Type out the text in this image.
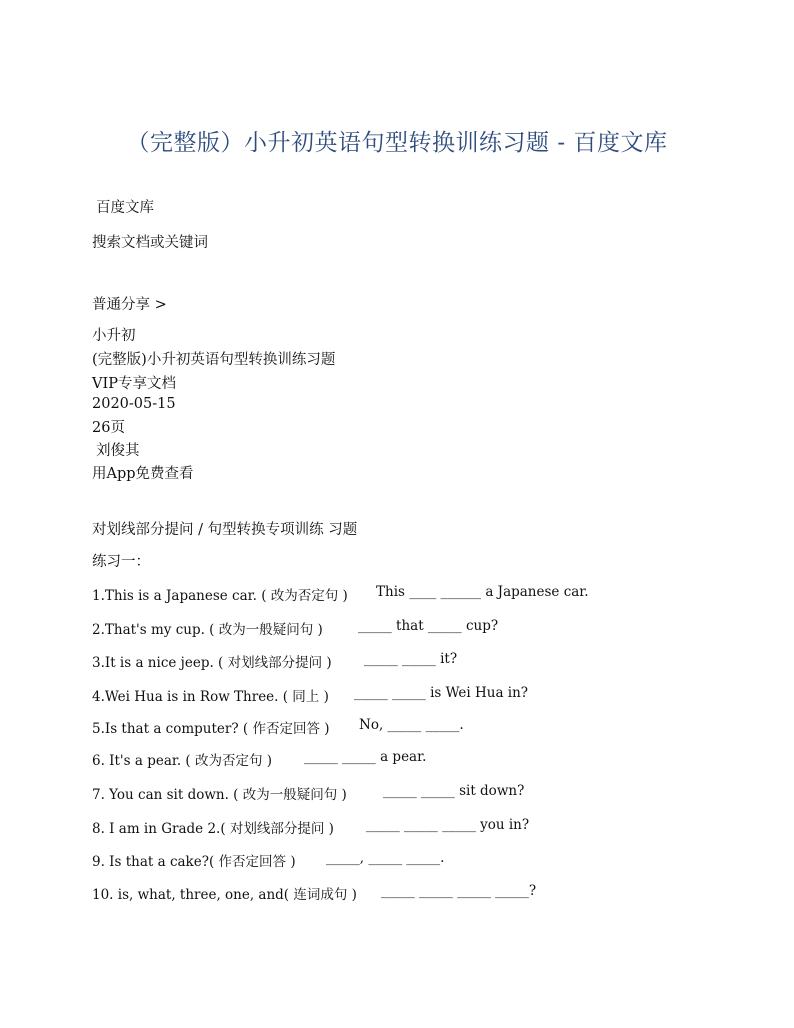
（完整版）小升初英语句型转换训练习题 - 百度文库
百度文库
搜索文档或关键词
普通分享 >
小升初
(完整版)小升初英语句型转换训练习题
VIP专享文档
2020-05-15
26页
刘俊其
用App免费查看
对划线部分提问 / 句型转换专项训练 习题
练习一：
1.This is a Japanese car. ( 改为否定句 ) This ____ ______ a Japanese car.
2.That's my cup. ( 改为一般疑问句 )	_____ that _____ cup?
3.It is a nice jeep. ( 对划线部分提问 ) _____ _____ it?
4.Wei Hua is in Row Three. ( 同上 ) _____ _____ is Wei Hua in?
5.Is that a computer? ( 作否定回答 ) No, _____ _____.
6. It's a pear. ( 改为否定句 ) _____ _____ a pear.
7. You can sit down. ( 改为一般疑问句 )	_____ _____ sit down?
8. I am in Grade 2.( 对划线部分提问 ) _____ _____ _____ you in?
9. Is that a cake?( 作否定回答 ) _____, _____ _____.
10. is, what, three, one, and( 连词成句 ) _____ _____ _____ _____?
